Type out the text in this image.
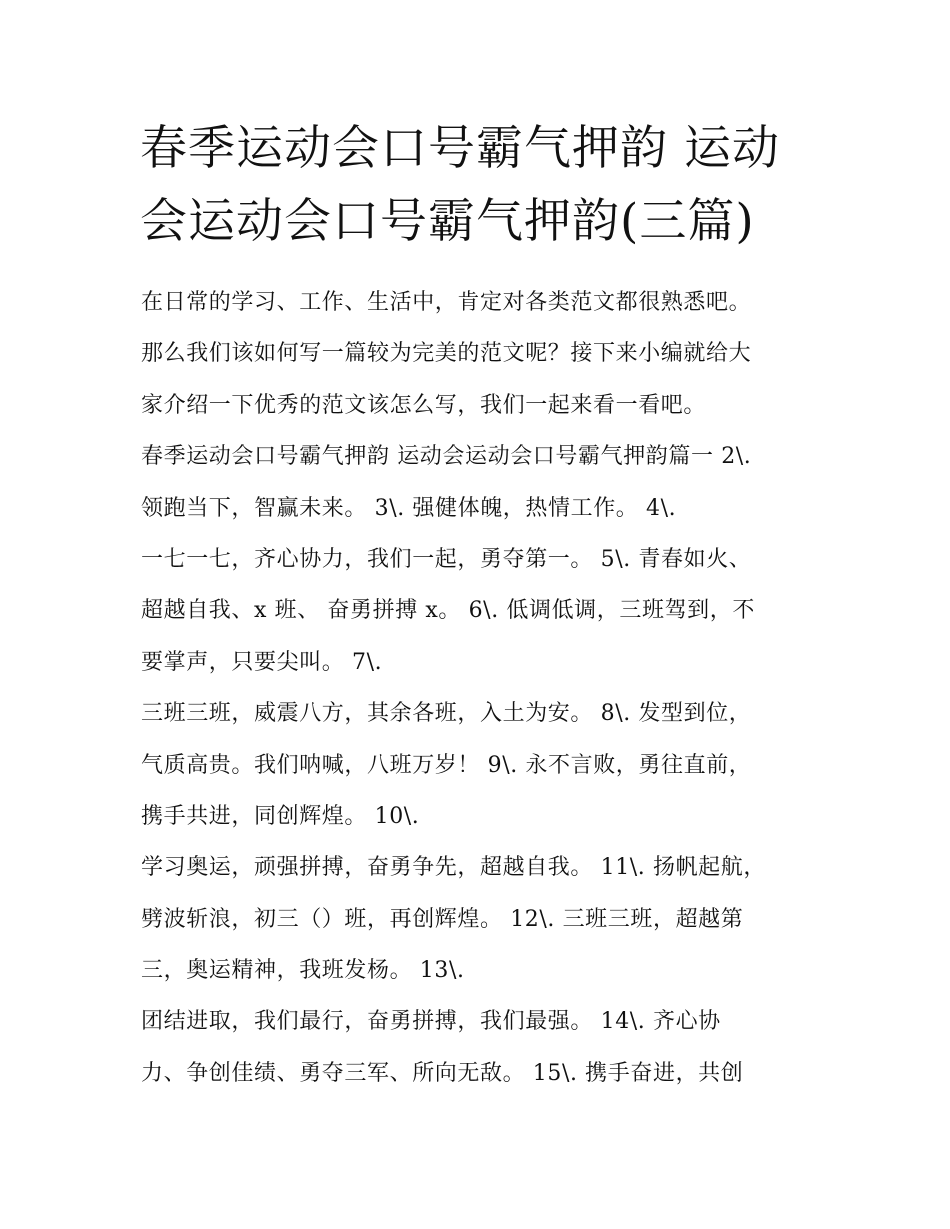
春季运动会口号霸气押韵 运动
会运动会口号霸气押韵(三篇)
在日常的学习、工作、生活中，肯定对各类范文都很熟悉吧。
那么我们该如何写一篇较为完美的范文呢？接下来小编就给大
家介绍一下优秀的范文该怎么写，我们一起来看一看吧。
春季运动会口号霸气押韵 运动会运动会口号霸气押韵篇一 2\.
领跑当下，智赢未来。 3\. 强健体魄，热情工作。 4\.
一七一七，齐心协力，我们一起，勇夺第一。 5\. 青春如火、
超越自我、x 班、 奋勇拼搏 x。 6\. 低调低调，三班驾到，不
要掌声，只要尖叫。 7\.
三班三班，威震八方，其余各班，入土为安。 8\. 发型到位，
气质高贵。我们呐喊，八班万岁！ 9\. 永不言败，勇往直前，
携手共进，同创辉煌。 10\.
学习奥运，顽强拼搏，奋勇争先，超越自我。 11\. 扬帆起航，
劈波斩浪，初三（）班，再创辉煌。 12\. 三班三班，超越第
三，奥运精神，我班发杨。 13\.
团结进取，我们最行，奋勇拼搏，我们最强。 14\. 齐心协
力、争创佳绩、勇夺三军、所向无敌。 15\. 携手奋进，共创
